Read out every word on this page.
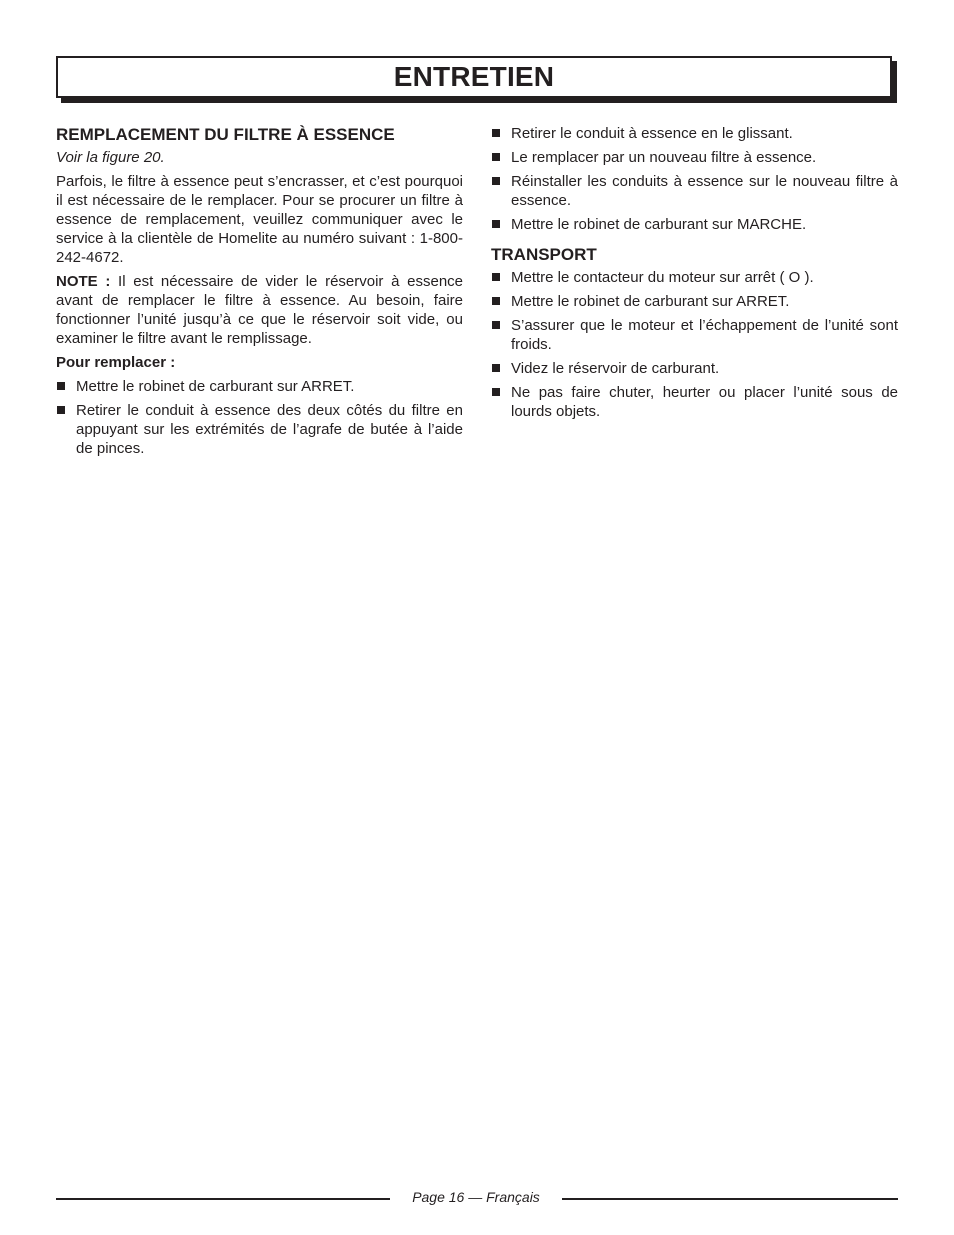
ENTRETIEN
REMPLACEMENT DU FILTRE À ESSENCE
Voir la figure 20.

Parfois, le filtre à essence peut s’encrasser, et c’est pourquoi il est nécessaire de le remplacer. Pour se procurer un filtre à essence de remplacement, veuillez communiquer avec le service à la clientèle de Homelite au numéro suivant : 1-800-242-4672.

NOTE : Il est nécessaire de vider le réservoir à essence avant de remplacer le filtre à essence. Au besoin, faire fonctionner l’unité jusqu’à ce que le réservoir soit vide, ou examiner le filtre avant le remplissage.

Pour remplacer :
Mettre le robinet de carburant sur ARRET.
Retirer le conduit à essence des deux côtés du filtre en appuyant sur les extrémités de l’agrafe de butée à l’aide de pinces.
Retirer le conduit à essence en le glissant.
Le remplacer par un nouveau filtre à essence.
Réinstaller les conduits à essence sur le nouveau filtre à essence.
Mettre le robinet de carburant sur MARCHE.
TRANSPORT
Mettre le contacteur du moteur sur arrêt ( O ).
Mettre le robinet de carburant sur ARRET.
S’assurer que le moteur et l’échappement de l’unité sont froids.
Videz le réservoir de carburant.
Ne pas faire chuter, heurter ou placer l’unité sous de lourds objets.
Page 16 — Français
